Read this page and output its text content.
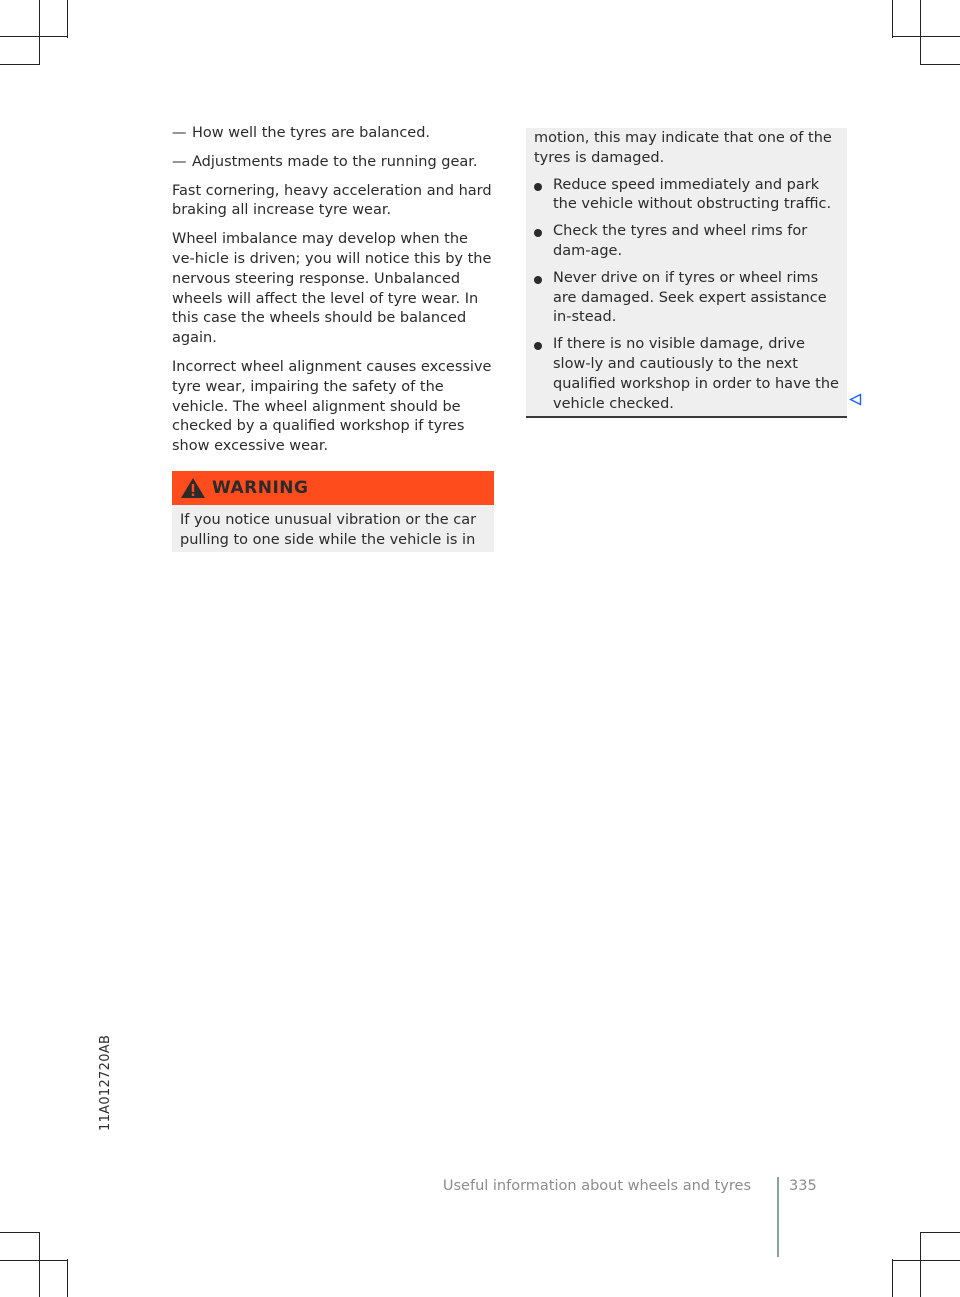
— How well the tyres are balanced.
— Adjustments made to the running gear.

Fast cornering, heavy acceleration and hard braking all increase tyre wear.

Wheel imbalance may develop when the ve-hicle is driven; you will notice this by the nervous steering response. Unbalanced wheels will affect the level of tyre wear. In this case the wheels should be balanced again.

Incorrect wheel alignment causes excessive tyre wear, impairing the safety of the vehicle. The wheel alignment should be checked by a qualified workshop if tyres show excessive wear.

WARNING
If you notice unusual vibration or the car pulling to one side while the vehicle is in

motion, this may indicate that one of the tyres is damaged.

Reduce speed immediately and park the vehicle without obstructing traffic.
Check the tyres and wheel rims for dam-age.
Never drive on if tyres or wheel rims are damaged. Seek expert assistance in-stead.
If there is no visible damage, drive slow-ly and cautiously to the next qualified workshop in order to have the vehicle checked.
11A012720AB
Useful information about wheels and tyres	335
